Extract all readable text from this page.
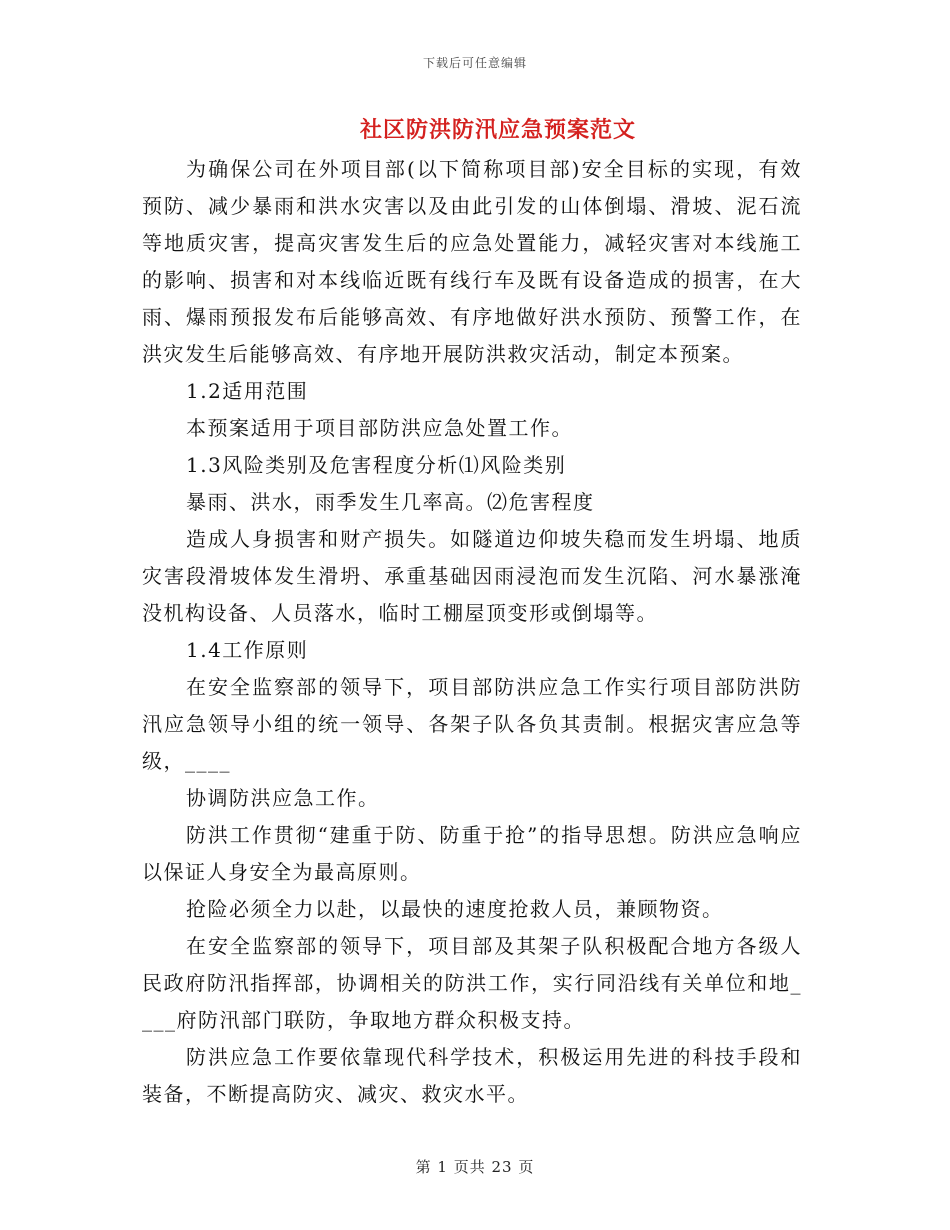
下载后可任意编辑
社区防洪防汛应急预案范文

为确保公司在外项目部(以下简称项目部)安全目标的实现，有效预防、减少暴雨和洪水灾害以及由此引发的山体倒塌、滑坡、泥石流等地质灾害，提高灾害发生后的应急处置能力，减轻灾害对本线施工的影响、损害和对本线临近既有线行车及既有设备造成的损害，在大雨、爆雨预报发布后能够高效、有序地做好洪水预防、预警工作，在洪灾发生后能够高效、有序地开展防洪救灾活动，制定本预案。

1.2适用范围

本预案适用于项目部防洪应急处置工作。

1.3风险类别及危害程度分析⑴风险类别

暴雨、洪水，雨季发生几率高。⑵危害程度

造成人身损害和财产损失。如隧道边仰坡失稳而发生坍塌、地质灾害段滑坡体发生滑坍、承重基础因雨浸泡而发生沉陷、河水暴涨淹没机构设备、人员落水，临时工棚屋顶变形或倒塌等。

1.4工作原则

在安全监察部的领导下，项目部防洪应急工作实行项目部防洪防汛应急领导小组的统一领导、各架子队各负其责制。根据灾害应急等级，____

协调防洪应急工作。

防洪工作贯彻“建重于防、防重于抢”的指导思想。防洪应急响应以保证人身安全为最高原则。

抢险必须全力以赴，以最快的速度抢救人员，兼顾物资。

在安全监察部的领导下，项目部及其架子队积极配合地方各级人民政府防汛指挥部，协调相关的防洪工作，实行同沿线有关单位和地____府防汛部门联防，争取地方群众积极支持。

防洪应急工作要依靠现代科学技术，积极运用先进的科技手段和装备，不断提高防灾、减灾、救灾水平。

第 1 页共 23 页
